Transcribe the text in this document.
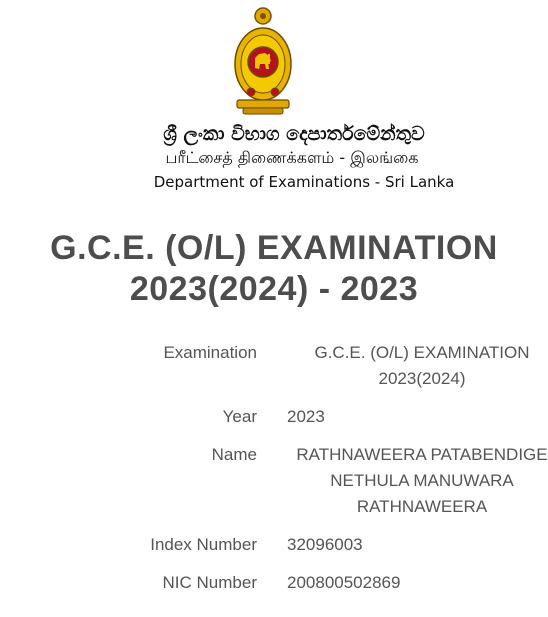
ශ්‍රී ලංකා විභාග දෙපාර්තමේන්තුව
பரீட்சைத் திணைக்களம் - இலங்கை
Department of Examinations - Sri Lanka
G.C.E. (O/L) EXAMINATION
2023(2024) - 2023
Examination	G.C.E. (O/L) EXAMINATION 2023(2024)
Year 2023
Name	RATHNAWEERA PATABENDIGE NETHULA MANUWARA RATHNAWEERA
Index Number 32096003
NIC Number 200800502869
